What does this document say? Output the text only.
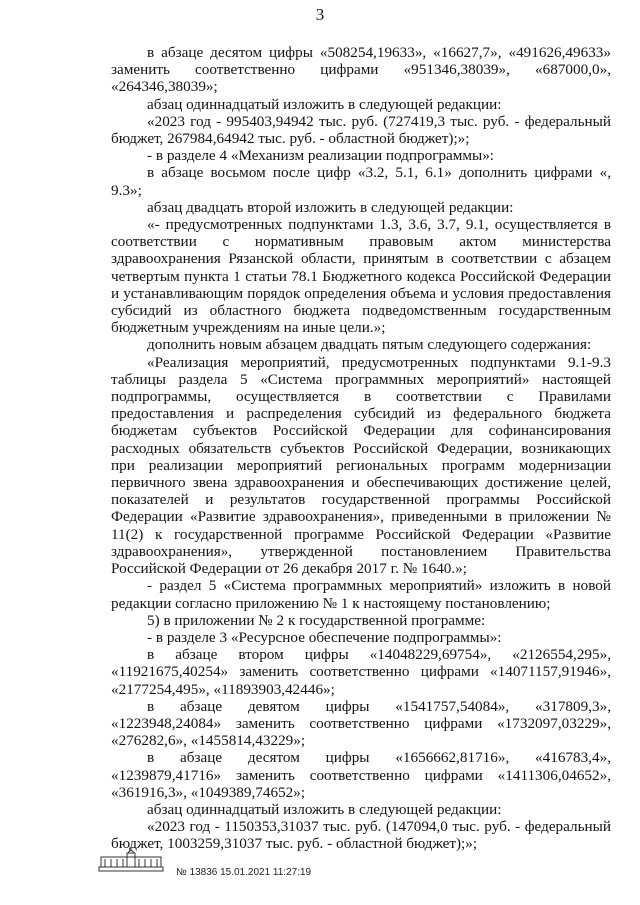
3

в абзаце десятом цифры «508254,19633», «16627,7», «491626,49633» заменить соответственно цифрами «951346,38039», «687000,0», «264346,38039»;

абзац одиннадцатый изложить в следующей редакции:

«2023 год - 995403,94942 тыс. руб. (727419,3 тыс. руб. - федеральный бюджет, 267984,64942 тыс. руб. - областной бюджет);»;

- в разделе 4 «Механизм реализации подпрограммы»:

в абзаце восьмом после цифр «3.2, 5.1, 6.1» дополнить цифрами «, 9.3»;

абзац двадцать второй изложить в следующей редакции:

«- предусмотренных подпунктами 1.3, 3.6, 3.7, 9.1, осуществляется в соответствии с нормативным правовым актом министерства здравоохранения Рязанской области, принятым в соответствии с абзацем четвертым пункта 1 статьи 78.1 Бюджетного кодекса Российской Федерации и устанавливающим порядок определения объема и условия предоставления субсидий из областного бюджета подведомственным государственным бюджетным учреждениям на иные цели.»;

дополнить новым абзацем двадцать пятым следующего содержания:

«Реализация мероприятий, предусмотренных подпунктами 9.1-9.3 таблицы раздела 5 «Система программных мероприятий» настоящей подпрограммы, осуществляется в соответствии с Правилами предоставления и распределения субсидий из федерального бюджета бюджетам субъектов Российской Федерации для софинансирования расходных обязательств субъектов Российской Федерации, возникающих при реализации мероприятий региональных программ модернизации первичного звена здравоохранения и обеспечивающих достижение целей, показателей и результатов государственной программы Российской Федерации «Развитие здравоохранения», приведенными в приложении № 11(2) к государственной программе Российской Федерации «Развитие здравоохранения», утвержденной постановлением Правительства Российской Федерации от 26 декабря 2017 г. № 1640.»;

- раздел 5 «Система программных мероприятий» изложить в новой редакции согласно приложению № 1 к настоящему постановлению;

5) в приложении № 2 к государственной программе:

- в разделе 3 «Ресурсное обеспечение подпрограммы»:

в абзаце втором цифры «14048229,69754», «2126554,295», «11921675,40254» заменить соответственно цифрами «14071157,91946», «2177254,495», «11893903,42446»;

в абзаце девятом цифры «1541757,54084», «317809,3», «1223948,24084» заменить соответственно цифрами «1732097,03229», «276282,6», «1455814,43229»;

в абзаце десятом цифры «1656662,81716», «416783,4», «1239879,41716» заменить соответственно цифрами «1411306,04652», «361916,3», «1049389,74652»;

абзац одиннадцатый изложить в следующей редакции:

«2023 год - 1150353,31037 тыс. руб. (147094,0 тыс. руб. - федеральный бюджет, 1003259,31037 тыс. руб. - областной бюджет);»;

№ 13836 15.01.2021 11:27:19
